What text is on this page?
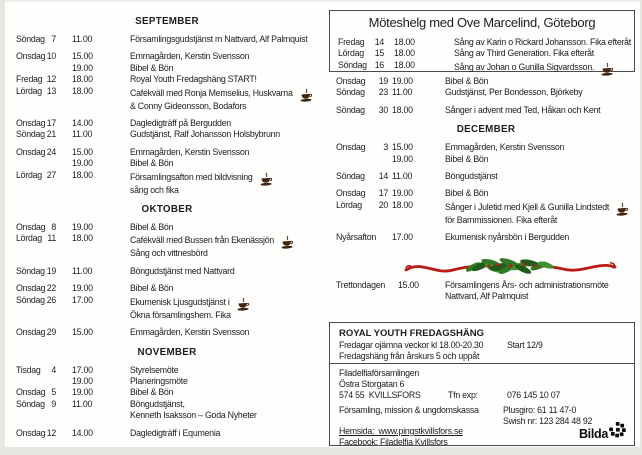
SEPTEMBER
Söndag 7 11.00	Församlingsgudstjänst m Nattvard, Alf Palmquist
Onsdag 10 15.00	Emmagården, Kerstin Svensson
19.00	Bibel & Bön
Fredag 12 18.00	Royal Youth Fredagshäng START!
Lördag 13 18.00	Cafékväll med Ronja Memselius, Huskvarna
& Conny Gideonsson, Bodafors
Onsdag 17 14.00	Dagledigträff på Bergudden
Söndag 21 11.00	Gudstjänst, Ralf Johansson Holsbybrunn
Onsdag 24 15.00	Emmagården, Kerstin Svensson
19.00	Bibel & Bön
Lördag 27 18.00	Församlingsafton med bildvisning
sång och fika
OKTOBER
Onsdag 8 19.00	Bibel & Bön
Lördag 11 18.00	Cafékväll med Bussen från Ekenässjön
Sång och vittnesbörd
Söndag 19 11.00	Böngudstjänst med Nattvard
Onsdag 22 19.00	Bibel & Bön
Söndag 26 17.00	Ekumenisk Ljusgudstjänst i
Ökna församlingshem. Fika
Onsdag 29 15.00	Emmagården, Kerstin Svensson
NOVEMBER
Tisdag	4 17.00	Styrelsemöte
19.00	Planeringsmöte
Onsdag 5 19.00	Bibel & Bön
Söndag 9 11.00	Böngudstjänst,
Kenneth Isaksson – Goda Nyheter
Onsdag 12 14.00	Dagledigträff i Equmenia
Möteshelg med Ove Marcelind, Göteborg
Fredag	14 18.00	Sång av Karin o Rickard Johansson. Fika efteråt
Lördag	15 18.00	Sång av Third Generation. Fika efteråt
Söndag 16 18.00	Sång av Johan o Gunilla Sigvardsson.
Onsdag	19 19.00	Bibel & Bön
Söndag	23 11.00	Gudstjänst, Per Bondesson, Björkeby
Söndag	30 18.00	Sånger i advent med Ted, Håkan och Kent
DECEMBER
Onsdag	3 15.00	Emmagården, Kerstin Svensson
19.00	Bibel & Bön
Söndag	14 11.00	Böngudstjänst
Onsdag	17 19.00	Bibel & Bön
Lördag	20 18.00	Sånger i Juletid med Kjell & Gunilla Lindstedt
för Barnmissionen. Fika efteråt
Nyårsafton 17.00	Ekumenisk nyårsbön i Bergudden
Trettondagen 15.00	Församlingens Års- och administrationsmöte
Nattvard, Alf Palmquist
ROYAL YOUTH FREDAGSHÄNG
Fredagar ojämna veckor kl 18.00-20.30	Start 12/9
Fredagshäng från årskurs 5 och uppåt
Filadelfiaförsamlingen
Östra Storgatan 6
574 55  KVILLSFORS	Tfn exp:	076 145 10 07
Församling, mission & ungdomskassa	Plusgiro: 61 11 47-0
Swish nr: 123 284 48 92
Hemsida:  www.pingstkvillsfors.se
Facebook: Filadelfia Kvillsfors
Bilda
